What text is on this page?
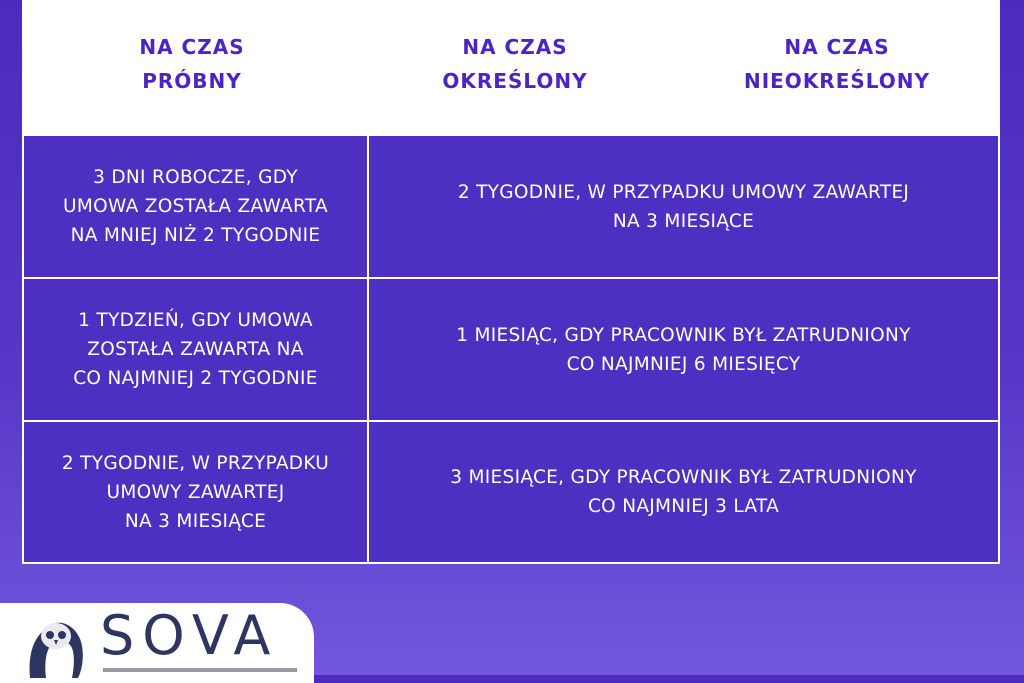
NA CZAS
PRÓBNY
NA CZAS
OKREŚLONY
NA CZAS
NIEOKREŚLONY
3 DNI ROBOCZE, GDY
UMOWA ZOSTAŁA ZAWARTA
NA MNIEJ NIŻ 2 TYGODNIE
2 TYGODNIE, W PRZYPADKU UMOWY ZAWARTEJ
NA 3 MIESIĄCE
1 TYDZIEŃ, GDY UMOWA
ZOSTAŁA ZAWARTA NA
CO NAJMNIEJ 2 TYGODNIE
1 MIESIĄC, GDY PRACOWNIK BYŁ ZATRUDNIONY
CO NAJMNIEJ 6 MIESIĘCY
2 TYGODNIE, W PRZYPADKU
UMOWY ZAWARTEJ
NA 3 MIESIĄCE
3 MIESIĄCE, GDY PRACOWNIK BYŁ ZATRUDNIONY
CO NAJMNIEJ 3 LATA
SOVA
